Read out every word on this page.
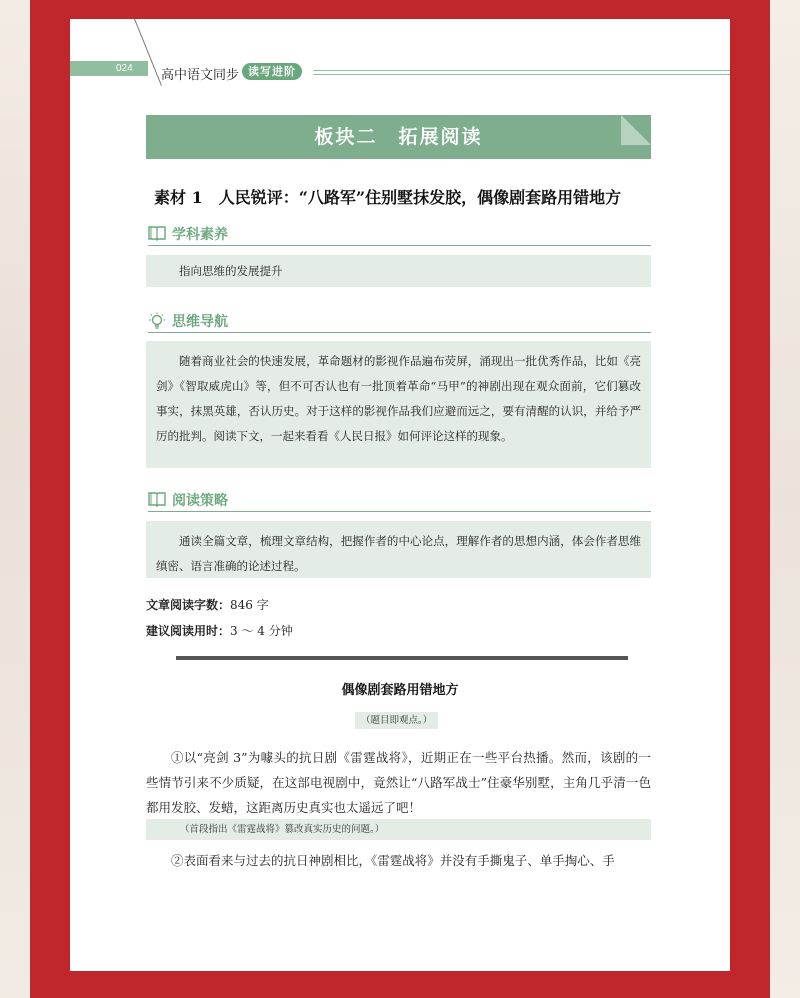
024 高中语文同步 读写进阶
板块二　拓展阅读
素材 1　人民锐评：“八路军”住别墅抹发胶，偶像剧套路用错地方
学科素养
指向思维的发展提升
思维导航
随着商业社会的快速发展，革命题材的影视作品遍布荧屏，涌现出一批优秀作品，比如《亮剑》《智取威虎山》等，但不可否认也有一批顶着革命“马甲”的神剧出现在观众面前，它们篡改事实，抹黑英雄，否认历史。对于这样的影视作品我们应避而远之，要有清醒的认识，并给予严厉的批判。阅读下文，一起来看看《人民日报》如何评论这样的现象。
阅读策略
通读全篇文章，梳理文章结构，把握作者的中心论点，理解作者的思想内涵，体会作者思维缜密、语言准确的论述过程。
文章阅读字数：846 字
建议阅读用时：3 ～ 4 分钟
偶像剧套路用错地方
（题目即观点。）
①以“亮剑 3”为噱头的抗日剧《雷霆战将》，近期正在一些平台热播。然而，该剧的一些情节引来不少质疑，在这部电视剧中，竟然让“八路军战士”住豪华别墅，主角几乎清一色都用发胶、发蜡，这距离历史真实也太遥远了吧！
（首段指出《雷霆战将》篡改真实历史的问题。）
②表面看来与过去的抗日神剧相比，《雷霆战将》并没有手撕鬼子、单手掏心、手
